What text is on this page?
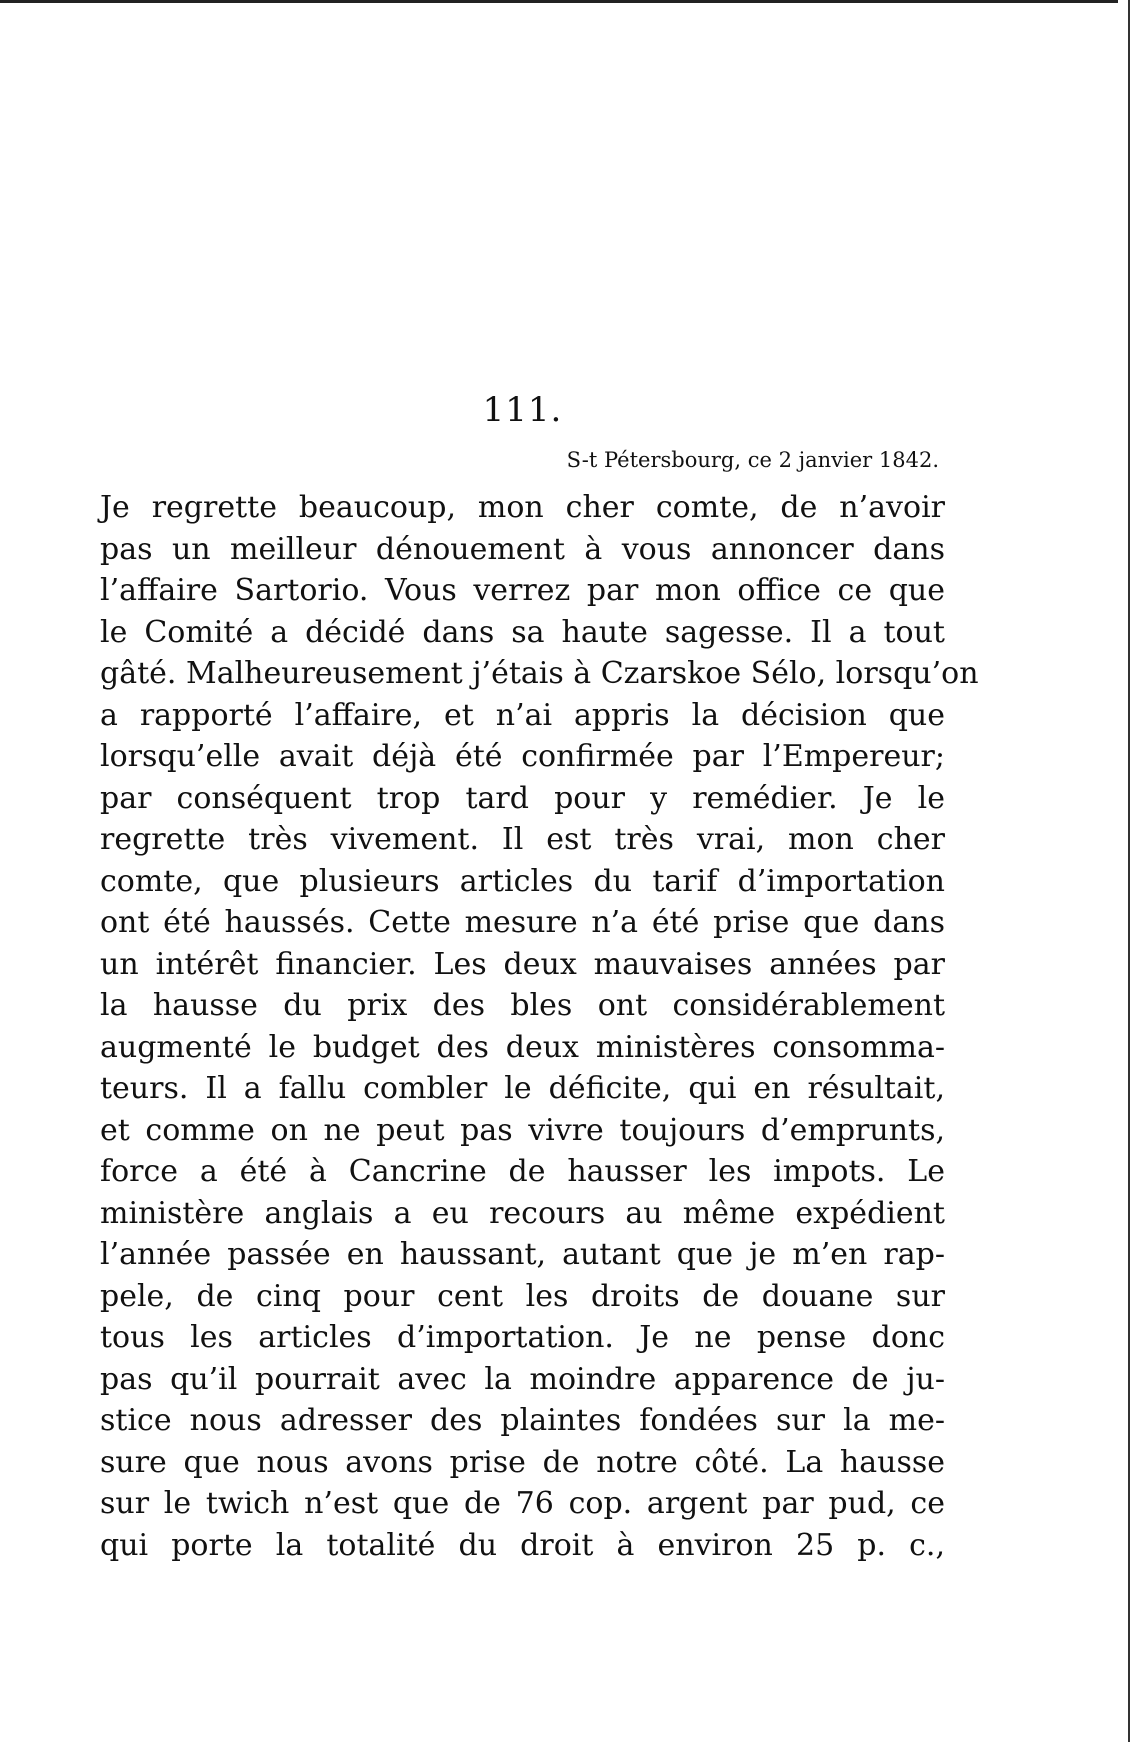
111.
S-t Pétersbourg, ce 2 janvier 1842.
Je regrette beaucoup, mon cher comte, de n’avoir
pas un meilleur dénouement à vous annoncer dans
l’affaire Sartorio. Vous verrez par mon office ce que
le Comité a décidé dans sa haute sagesse. Il a tout
gâté. Malheureusement j’étais à Czarskoe Sélo, lorsqu’on
a rapporté l’affaire, et n’ai appris la décision que
lorsqu’elle avait déjà été confirmée par l’Empereur;
par conséquent trop tard pour y remédier. Je le
regrette très vivement. Il est très vrai, mon cher
comte, que plusieurs articles du tarif d’importation
ont été haussés. Cette mesure n’a été prise que dans
un intérêt financier. Les deux mauvaises années par
la hausse du prix des bles ont considérablement
augmenté le budget des deux ministères consomma-
teurs. Il a fallu combler le déficite, qui en résultait,
et comme on ne peut pas vivre toujours d’emprunts,
force a été à Cancrine de hausser les impots. Le
ministère anglais a eu recours au même expédient
l’année passée en haussant, autant que je m’en rap-
pele, de cinq pour cent les droits de douane sur
tous les articles d’importation. Je ne pense donc
pas qu’il pourrait avec la moindre apparence de ju-
stice nous adresser des plaintes fondées sur la me-
sure que nous avons prise de notre côté. La hausse
sur le twich n’est que de 76 cop. argent par pud, ce
qui porte la totalité du droit à environ 25 p. c.,
